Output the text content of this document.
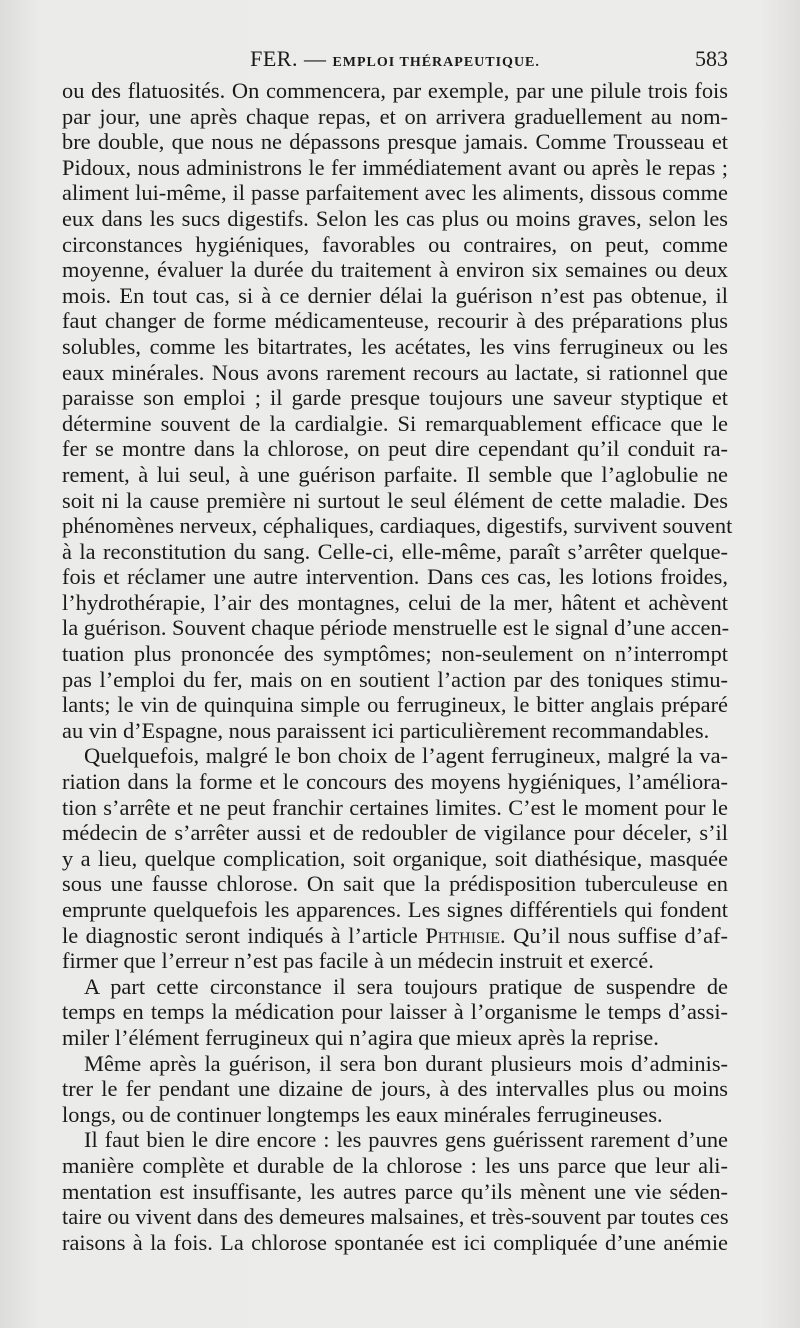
FER. — EMPLOI THÉRAPEUTIQUE.	583
ou des flatuosités. On commencera, par exemple, par une pilule trois fois
par jour, une après chaque repas, et on arrivera graduellement au nom-
bre double, que nous ne dépassons presque jamais. Comme Trousseau et
Pidoux, nous administrons le fer immédiatement avant ou après le repas ;
aliment lui-même, il passe parfaitement avec les aliments, dissous comme
eux dans les sucs digestifs. Selon les cas plus ou moins graves, selon les
circonstances hygiéniques, favorables ou contraires, on peut, comme
moyenne, évaluer la durée du traitement à environ six semaines ou deux
mois. En tout cas, si à ce dernier délai la guérison n’est pas obtenue, il
faut changer de forme médicamenteuse, recourir à des préparations plus
solubles, comme les bitartrates, les acétates, les vins ferrugineux ou les
eaux minérales. Nous avons rarement recours au lactate, si rationnel que
paraisse son emploi ; il garde presque toujours une saveur styptique et
détermine souvent de la cardialgie. Si remarquablement efficace que le
fer se montre dans la chlorose, on peut dire cependant qu’il conduit ra-
rement, à lui seul, à une guérison parfaite. Il semble que l’aglobulie ne
soit ni la cause première ni surtout le seul élément de cette maladie. Des
phénomènes nerveux, céphaliques, cardiaques, digestifs, survivent souvent
à la reconstitution du sang. Celle-ci, elle-même, paraît s’arrêter quelque-
fois et réclamer une autre intervention. Dans ces cas, les lotions froides,
l’hydrothérapie, l’air des montagnes, celui de la mer, hâtent et achèvent
la guérison. Souvent chaque période menstruelle est le signal d’une accen-
tuation plus prononcée des symptômes; non-seulement on n’interrompt
pas l’emploi du fer, mais on en soutient l’action par des toniques stimu-
lants; le vin de quinquina simple ou ferrugineux, le bitter anglais préparé
au vin d’Espagne, nous paraissent ici particulièrement recommandables.
Quelquefois, malgré le bon choix de l’agent ferrugineux, malgré la va-
riation dans la forme et le concours des moyens hygiéniques, l’améliora-
tion s’arrête et ne peut franchir certaines limites. C’est le moment pour le
médecin de s’arrêter aussi et de redoubler de vigilance pour déceler, s’il
y a lieu, quelque complication, soit organique, soit diathésique, masquée
sous une fausse chlorose. On sait que la prédisposition tuberculeuse en
emprunte quelquefois les apparences. Les signes différentiels qui fondent
le diagnostic seront indiqués à l’article Phthisie. Qu’il nous suffise d’af-
firmer que l’erreur n’est pas facile à un médecin instruit et exercé.
A part cette circonstance il sera toujours pratique de suspendre de
temps en temps la médication pour laisser à l’organisme le temps d’assi-
miler l’élément ferrugineux qui n’agira que mieux après la reprise.
Même après la guérison, il sera bon durant plusieurs mois d’adminis-
trer le fer pendant une dizaine de jours, à des intervalles plus ou moins
longs, ou de continuer longtemps les eaux minérales ferrugineuses.
Il faut bien le dire encore : les pauvres gens guérissent rarement d’une
manière complète et durable de la chlorose : les uns parce que leur ali-
mentation est insuffisante, les autres parce qu’ils mènent une vie séden-
taire ou vivent dans des demeures malsaines, et très-souvent par toutes ces
raisons à la fois. La chlorose spontanée est ici compliquée d’une anémie
